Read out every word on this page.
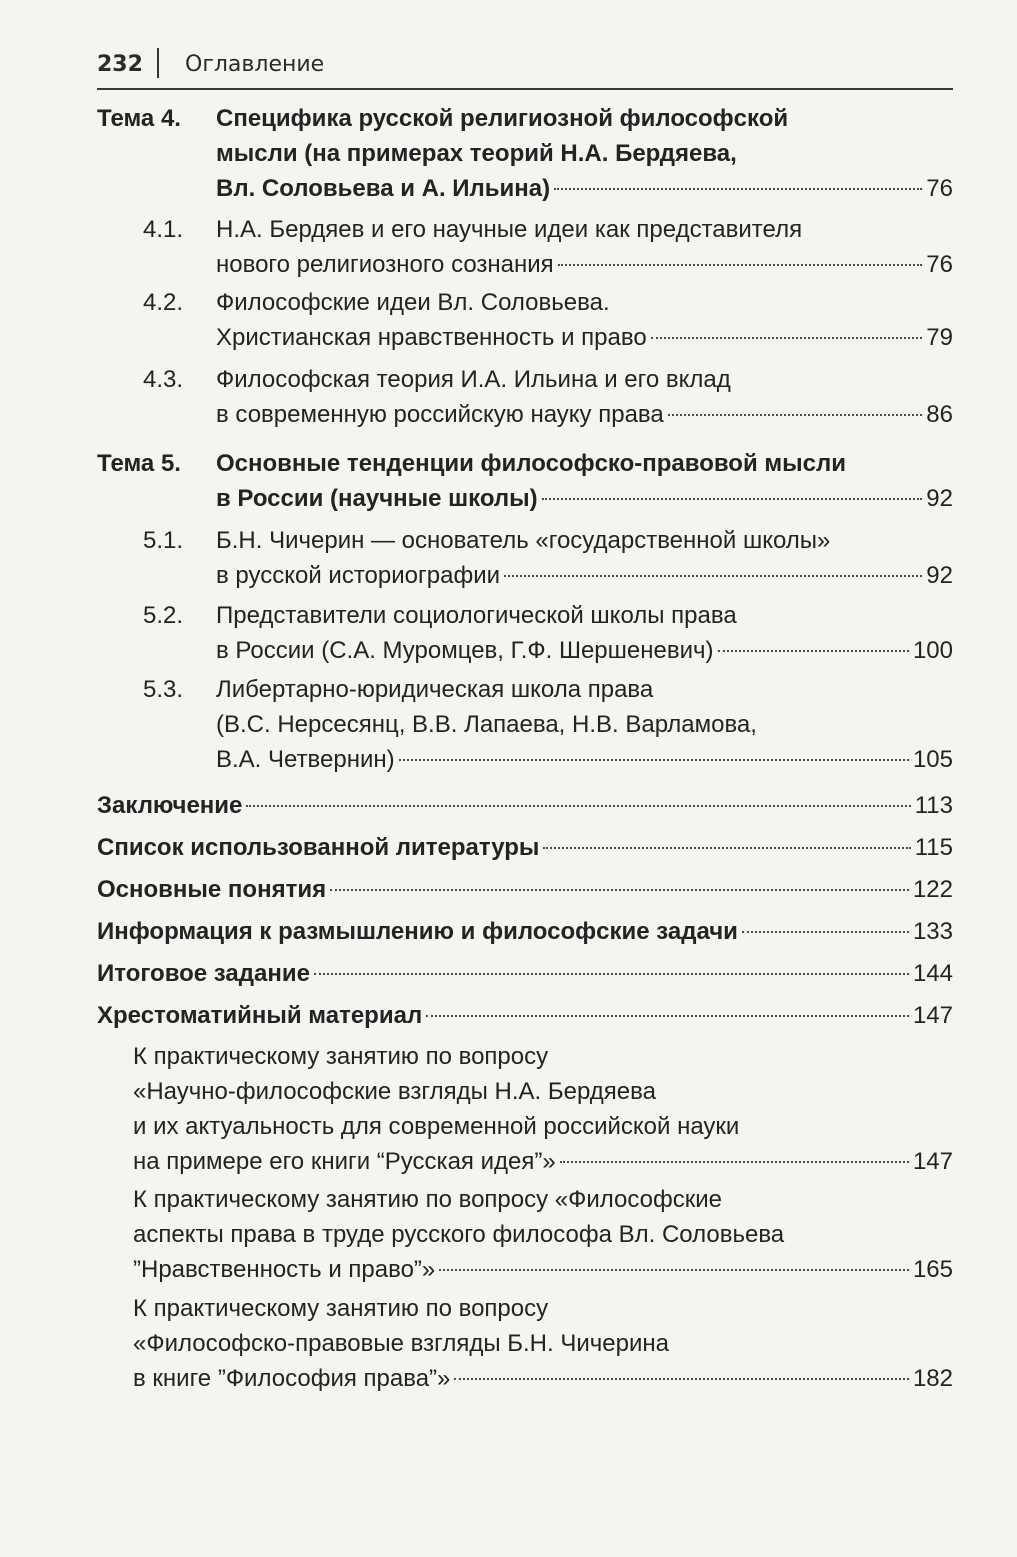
232 Оглавление
Тема 4. Специфика русской религиозной философской
мысли (на примерах теорий Н.А. Бердяева,
Вл. Соловьева и А. Ильина)	76
4.1. Н.А. Бердяев и его научные идеи как представителя
нового религиозного сознания	76
4.2. Философские идеи Вл. Соловьева.
Христианская нравственность и право	79
4.3. Философская теория И.А. Ильина и его вклад
в современную российскую науку права	86
Тема 5. Основные тенденции философско-правовой мысли
в России (научные школы)	92
5.1. Б.Н. Чичерин — основатель «государственной школы»
в русской историографии	92
5.2. Представители социологической школы права
в России (С.А. Муромцев, Г.Ф. Шершеневич)	100
5.3. Либертарно-юридическая школа права
(В.С. Нерсесянц, В.В. Лапаева, Н.В. Варламова,
В.А. Четвернин)	105
Заключение	113
Список использованной литературы	115
Основные понятия	122
Информация к размышлению и философские задачи	133
Итоговое задание	144
Хрестоматийный материал	147
К практическому занятию по вопросу
«Научно-философские взгляды Н.А. Бердяева
и их актуальность для современной российской науки
на примере его книги “Русская идея”»	147
К практическому занятию по вопросу «Философские
аспекты права в труде русского философа Вл. Соловьева
”Нравственность и право”»	165
К практическому занятию по вопросу
«Философско-правовые взгляды Б.Н. Чичерина
в книге ”Философия права”»	182
